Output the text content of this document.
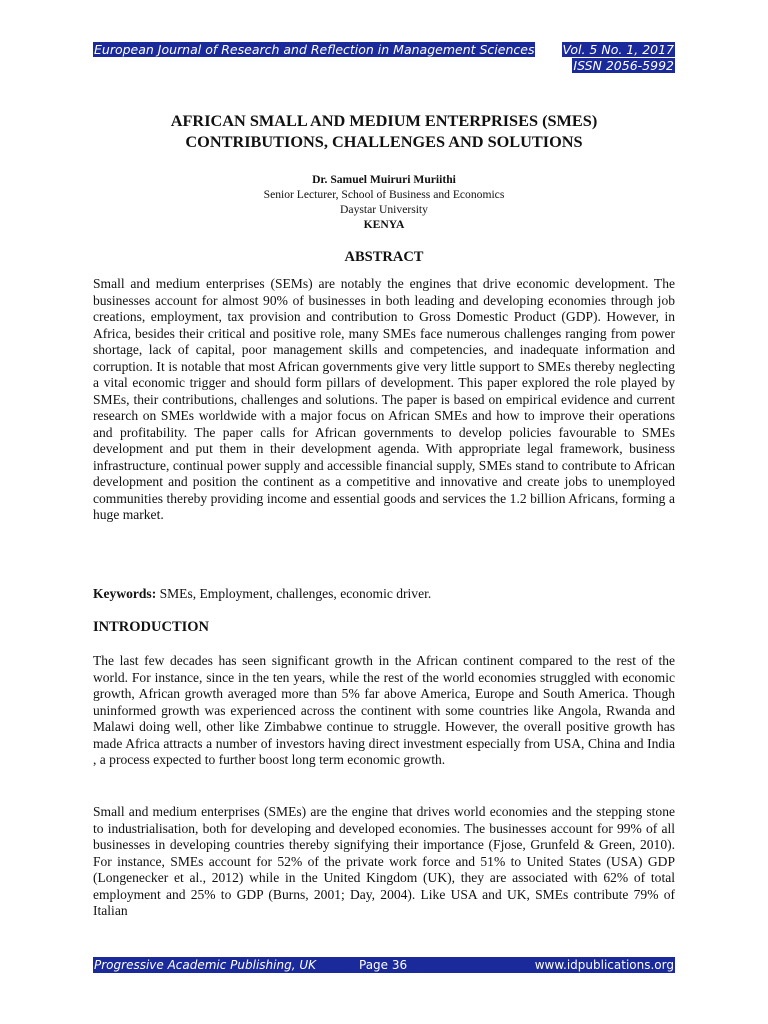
European Journal of Research and Reflection in Management Sciences Vol. 5 No. 1, 2017
ISSN 2056-5992
AFRICAN SMALL AND MEDIUM ENTERPRISES (SMES)
CONTRIBUTIONS, CHALLENGES AND SOLUTIONS
Dr. Samuel Muiruri Muriithi
Senior Lecturer, School of Business and Economics
Daystar University
KENYA
ABSTRACT
Small and medium enterprises (SEMs) are notably the engines that drive economic development. The businesses account for almost 90% of businesses in both leading and developing economies through job creations, employment, tax provision and contribution to Gross Domestic Product (GDP). However, in Africa, besides their critical and positive role, many SMEs face numerous challenges ranging from power shortage, lack of capital, poor management skills and competencies, and inadequate information and corruption. It is notable that most African governments give very little support to SMEs thereby neglecting a vital economic trigger and should form pillars of development. This paper explored the role played by SMEs, their contributions, challenges and solutions. The paper is based on empirical evidence and current research on SMEs worldwide with a major focus on African SMEs and how to improve their operations and profitability. The paper calls for African governments to develop policies favourable to SMEs development and put them in their development agenda. With appropriate legal framework, business infrastructure, continual power supply and accessible financial supply, SMEs stand to contribute to African development and position the continent as a competitive and innovative and create jobs to unemployed communities thereby providing income and essential goods and services the 1.2 billion Africans, forming a huge market.
Keywords: SMEs, Employment, challenges, economic driver.
INTRODUCTION
The last few decades has seen significant growth in the African continent compared to the rest of the world. For instance, since in the ten years, while the rest of the world economies struggled with economic growth, African growth averaged more than 5% far above America, Europe and South America. Though uninformed growth was experienced across the continent with some countries like Angola, Rwanda and Malawi doing well, other like Zimbabwe continue to struggle. However, the overall positive growth has made Africa attracts a number of investors having direct investment especially from USA, China and India , a process expected to further boost long term economic growth.
Small and medium enterprises (SMEs) are the engine that drives world economies and the stepping stone to industrialisation, both for developing and developed economies. The businesses account for 99% of all businesses in developing countries thereby signifying their importance (Fjose, Grunfeld & Green, 2010). For instance, SMEs account for 52% of the private work force and 51% to United States (USA) GDP (Longenecker et al., 2012) while in the United Kingdom (UK), they are associated with 62% of total employment and 25% to GDP (Burns, 2001; Day, 2004). Like USA and UK, SMEs contribute 79% of Italian
Progressive Academic Publishing, UK	Page 36	www.idpublications.org
